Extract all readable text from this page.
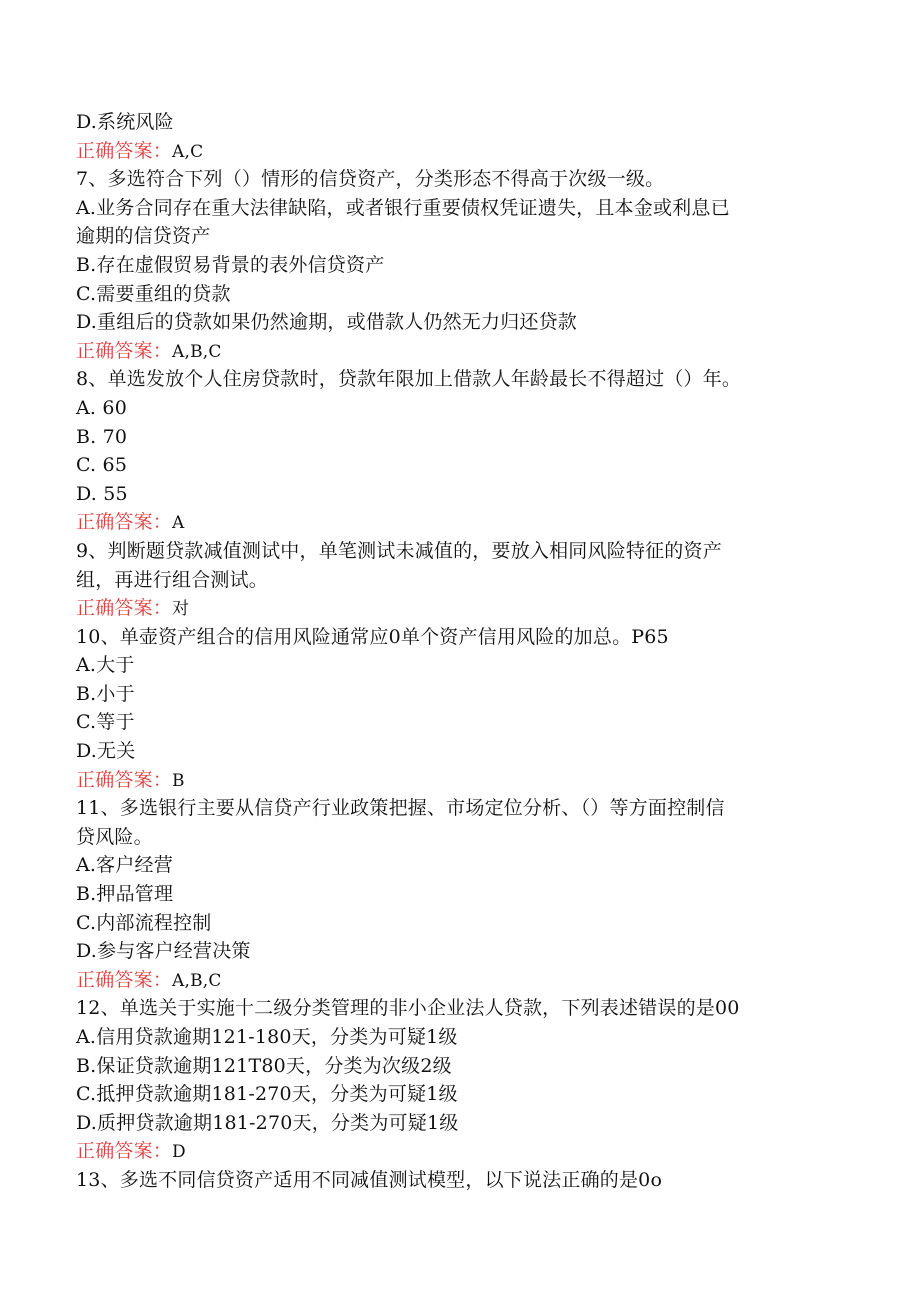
D.系统风险
正确答案：A,C
7、多选符合下列（）情形的信贷资产，分类形态不得高于次级一级。
A.业务合同存在重大法律缺陷，或者银行重要债权凭证遗失，且本金或利息已
逾期的信贷资产
B.存在虚假贸易背景的表外信贷资产
C.需要重组的贷款
D.重组后的贷款如果仍然逾期，或借款人仍然无力归还贷款
正确答案：A,B,C
8、单选发放个人住房贷款时，贷款年限加上借款人年龄最长不得超过（）年。
A. 60
B. 70
C. 65
D. 55
正确答案：A
9、判断题贷款减值测试中，单笔测试未减值的，要放入相同风险特征的资产
组，再进行组合测试。
正确答案：对
10、单壶资产组合的信用风险通常应0单个资产信用风险的加总。P65
A.大于
B.小于
C.等于
D.无关
正确答案：B
11、多选银行主要从信贷产行业政策把握、市场定位分析、（）等方面控制信
贷风险。
A.客户经营
B.押品管理
C.内部流程控制
D.参与客户经营决策
正确答案：A,B,C
12、单选关于实施十二级分类管理的非小企业法人贷款，下列表述错误的是00
A.信用贷款逾期121-180天，分类为可疑1级
B.保证贷款逾期121T80天，分类为次级2级
C.抵押贷款逾期181-270天，分类为可疑1级
D.质押贷款逾期181-270天，分类为可疑1级
正确答案：D
13、多选不同信贷资产适用不同减值测试模型，以下说法正确的是0o
